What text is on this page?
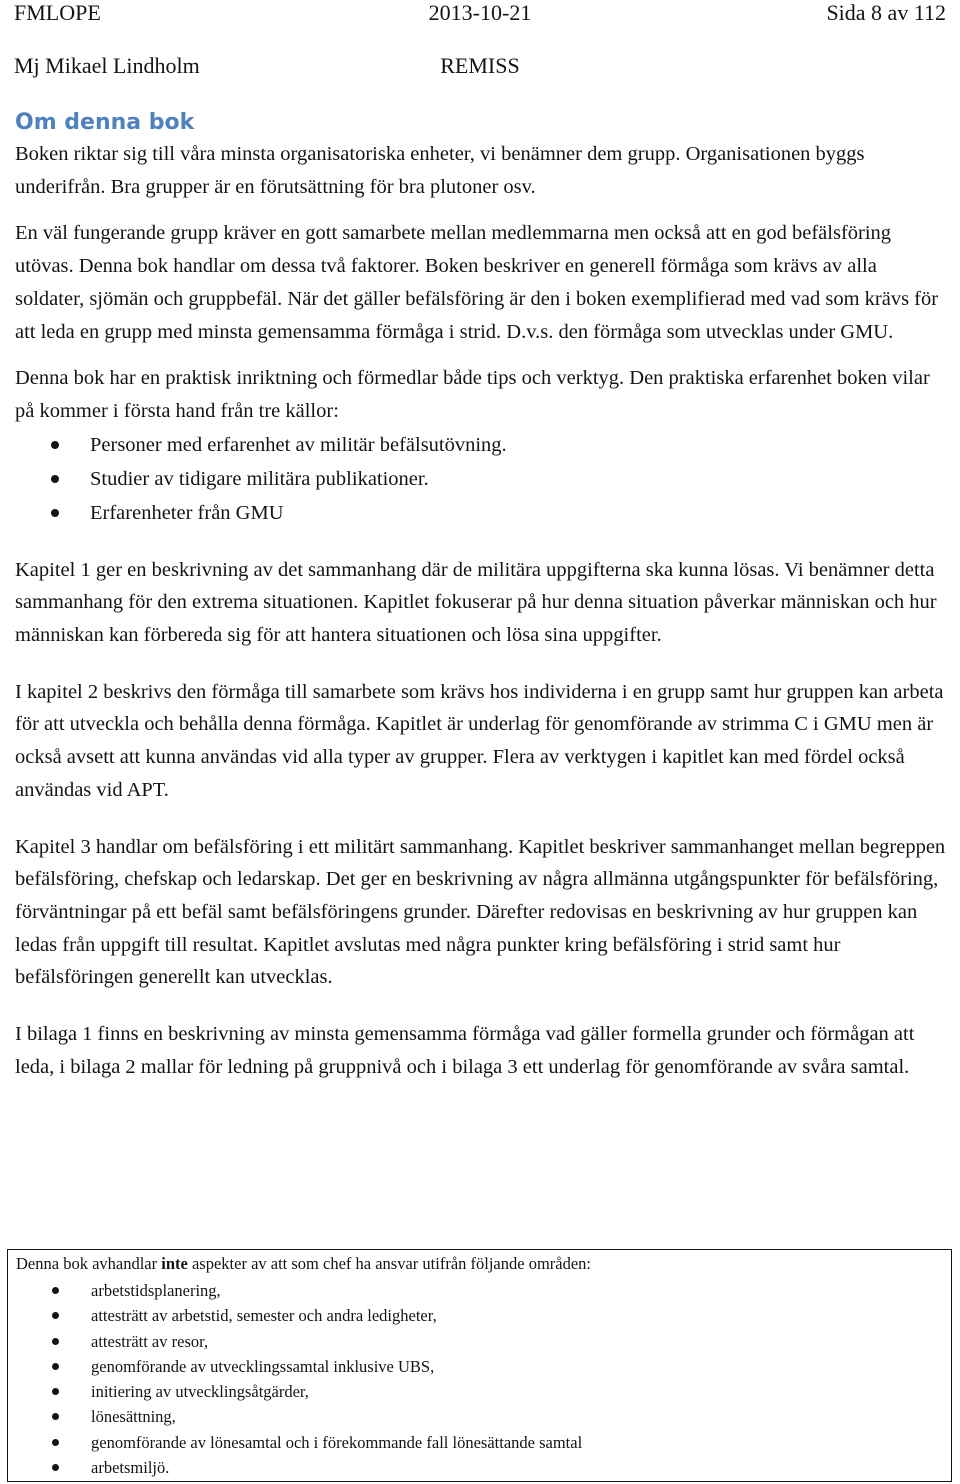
FMLOPE	2013-10-21	Sida 8 av 112
Mj Mikael Lindholm	REMISS
Om denna bok

Boken riktar sig till våra minsta organisatoriska enheter, vi benämner dem grupp. Organisationen byggs underifrån. Bra grupper är en förutsättning för bra plutoner osv.

En väl fungerande grupp kräver en gott samarbete mellan medlemmarna men också att en god befälsföring utövas. Denna bok handlar om dessa två faktorer. Boken beskriver en generell förmåga som krävs av alla soldater, sjömän och gruppbefäl. När det gäller befälsföring är den i boken exemplifierad med vad som krävs för att leda en grupp med minsta gemensamma förmåga i strid. D.v.s. den förmåga som utvecklas under GMU.

Denna bok har en praktisk inriktning och förmedlar både tips och verktyg. Den praktiska erfarenhet boken vilar på kommer i första hand från tre källor:

Personer med erfarenhet av militär befälsutövning.
Studier av tidigare militära publikationer.
Erfarenheter från GMU

Kapitel 1 ger en beskrivning av det sammanhang där de militära uppgifterna ska kunna lösas. Vi benämner detta sammanhang för den extrema situationen. Kapitlet fokuserar på hur denna situation påverkar människan och hur människan kan förbereda sig för att hantera situationen och lösa sina uppgifter.

I kapitel 2 beskrivs den förmåga till samarbete som krävs hos individerna i en grupp samt hur gruppen kan arbeta för att utveckla och behålla denna förmåga. Kapitlet är underlag för genomförande av strimma C i GMU men är också avsett att kunna användas vid alla typer av grupper. Flera av verktygen i kapitlet kan med fördel också användas vid APT.

Kapitel 3 handlar om befälsföring i ett militärt sammanhang. Kapitlet beskriver sammanhanget mellan begreppen befälsföring, chefskap och ledarskap. Det ger en beskrivning av några allmänna utgångspunkter för befälsföring, förväntningar på ett befäl samt befälsföringens grunder. Därefter redovisas en beskrivning av hur gruppen kan ledas från uppgift till resultat. Kapitlet avslutas med några punkter kring befälsföring i strid samt hur befälsföringen generellt kan utvecklas.

I bilaga 1 finns en beskrivning av minsta gemensamma förmåga vad gäller formella grunder och förmågan att leda, i bilaga 2 mallar för ledning på gruppnivå och i bilaga 3 ett underlag för genomförande av svåra samtal.

Denna bok avhandlar inte aspekter av att som chef ha ansvar utifrån följande områden:

arbetstidsplanering,
attesträtt av arbetstid, semester och andra ledigheter,
attesträtt av resor,
genomförande av utvecklingssamtal inklusive UBS,
initiering av utvecklingsåtgärder,
lönesättning,
genomförande av lönesamtal och i förekommande fall lönesättande samtal
arbetsmiljö.
